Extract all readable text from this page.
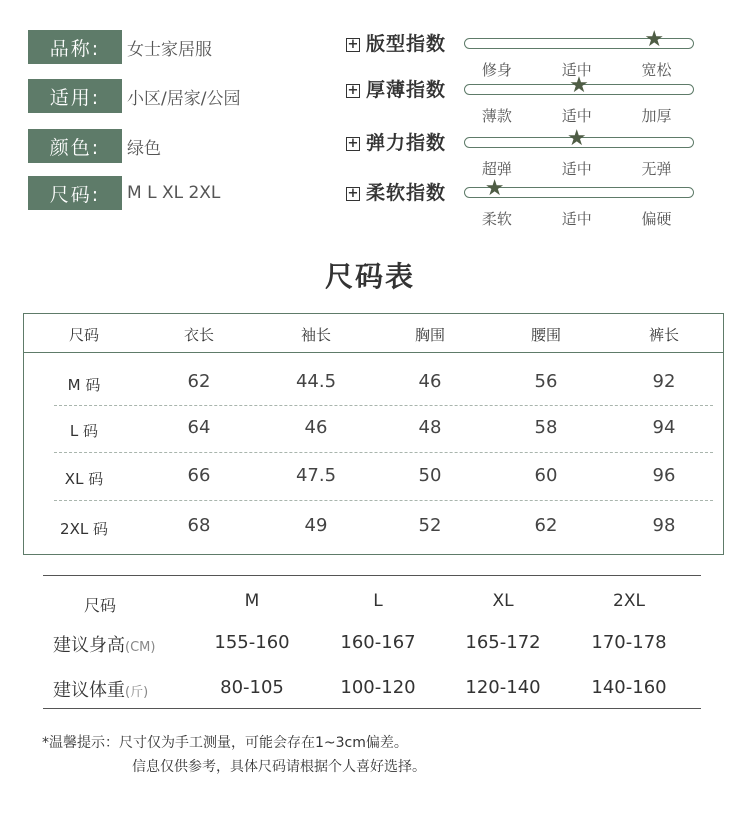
品称:	女士家居服
适用:	小区/居家/公园
颜色:	绿色
尺码:	M L XL 2XL
+ 版型指数	★
修身	适中	宽松
+ 厚薄指数	★
薄款	适中	加厚
+ 弹力指数	★
超弹	适中	无弹
+ 柔软指数 ★
柔软	适中	偏硬
尺码表
尺码	衣长	袖长	胸围	腰围	裤长
M 码	62	44.5	46	56	92
L 码	64	46	48	58	94
XL 码	66	47.5	50	60	96
2XL 码	68	49	52	62	98
尺码	M	L	XL	2XL
建议身高(CM)	155-160	160-167	165-172	170-178
建议体重(斤)	80-105	100-120	120-140	140-160
*温馨提示：尺寸仅为手工测量，可能会存在1~3cm偏差。
信息仅供参考，具体尺码请根据个人喜好选择。
